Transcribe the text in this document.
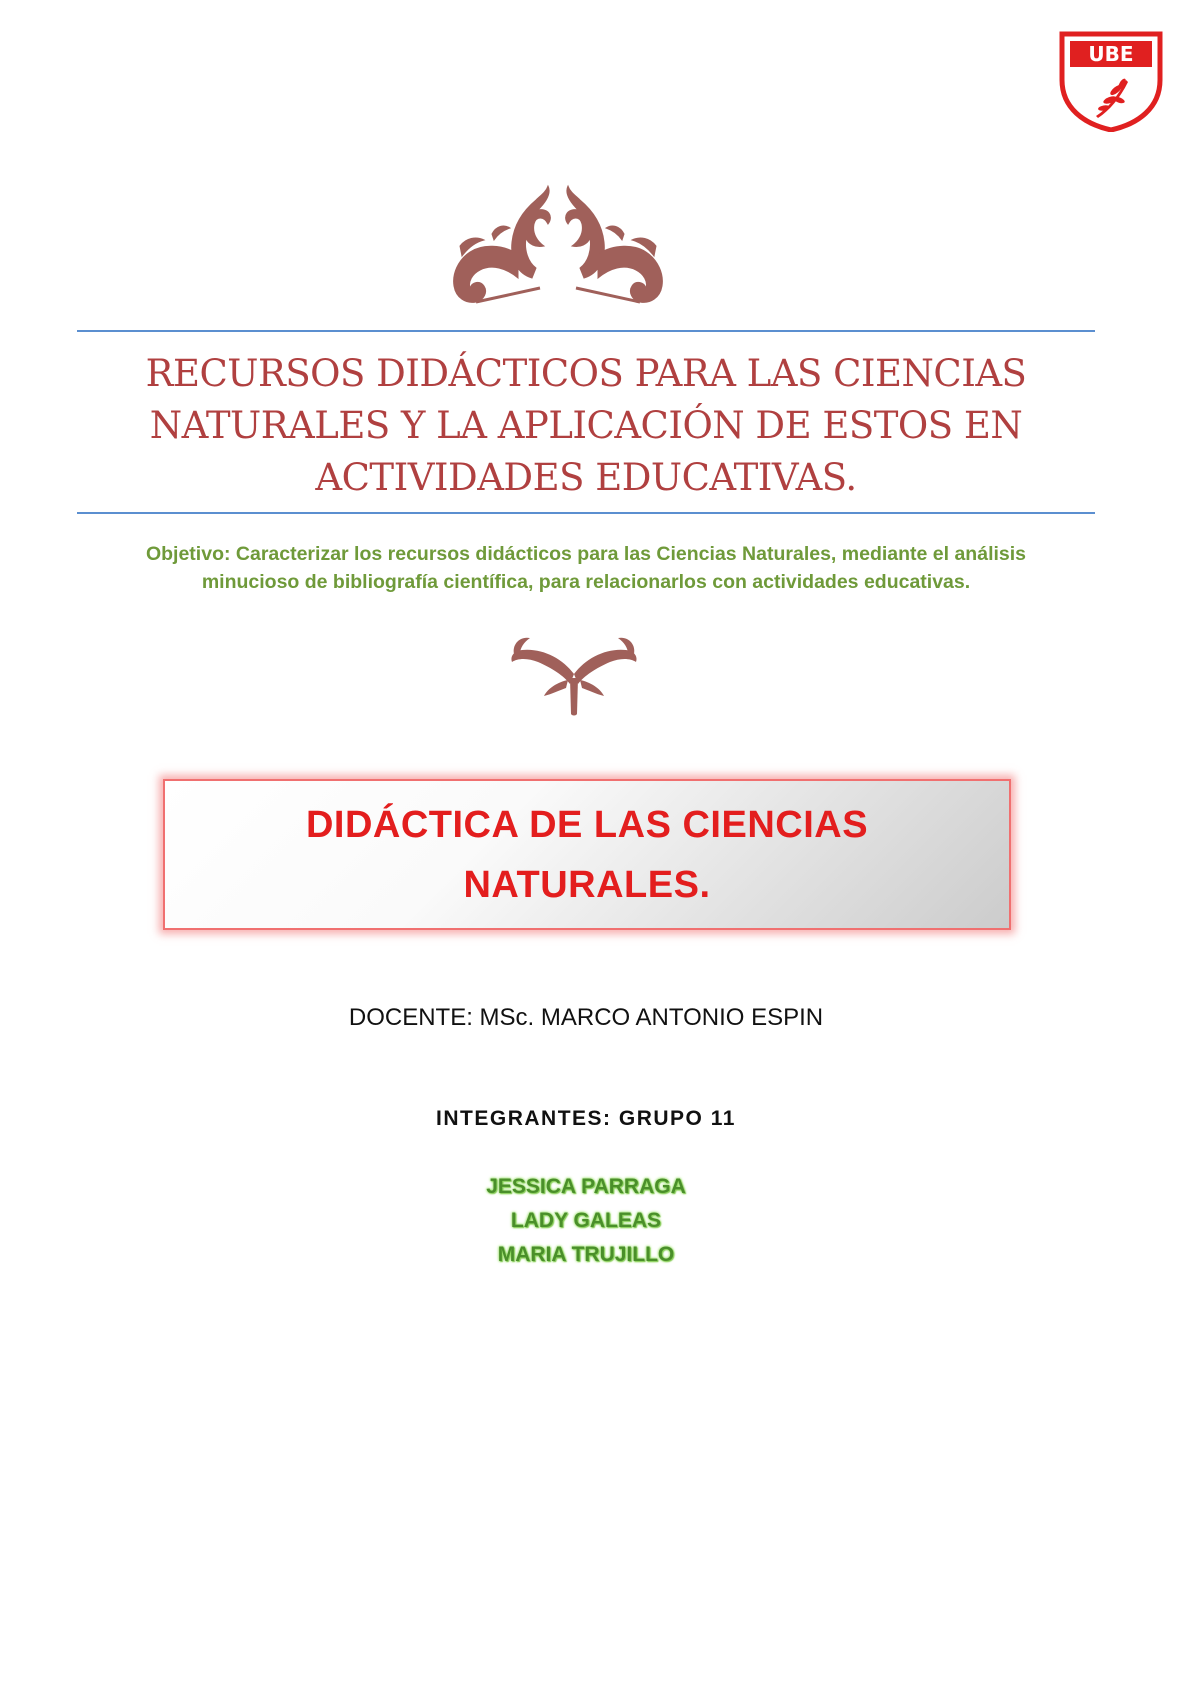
UBE
RECURSOS DIDÁCTICOS PARA LAS CIENCIAS
NATURALES Y LA APLICACIÓN DE ESTOS EN
ACTIVIDADES EDUCATIVAS.

Objetivo: Caracterizar los recursos didácticos para las Ciencias Naturales, mediante el análisis
minucioso de bibliografía científica, para relacionarlos con actividades educativas.

DIDÁCTICA DE LAS CIENCIAS
NATURALES.

DOCENTE: MSc. MARCO ANTONIO ESPIN

INTEGRANTES: GRUPO 11

JESSICA PARRAGA
LADY GALEAS
MARIA TRUJILLO
